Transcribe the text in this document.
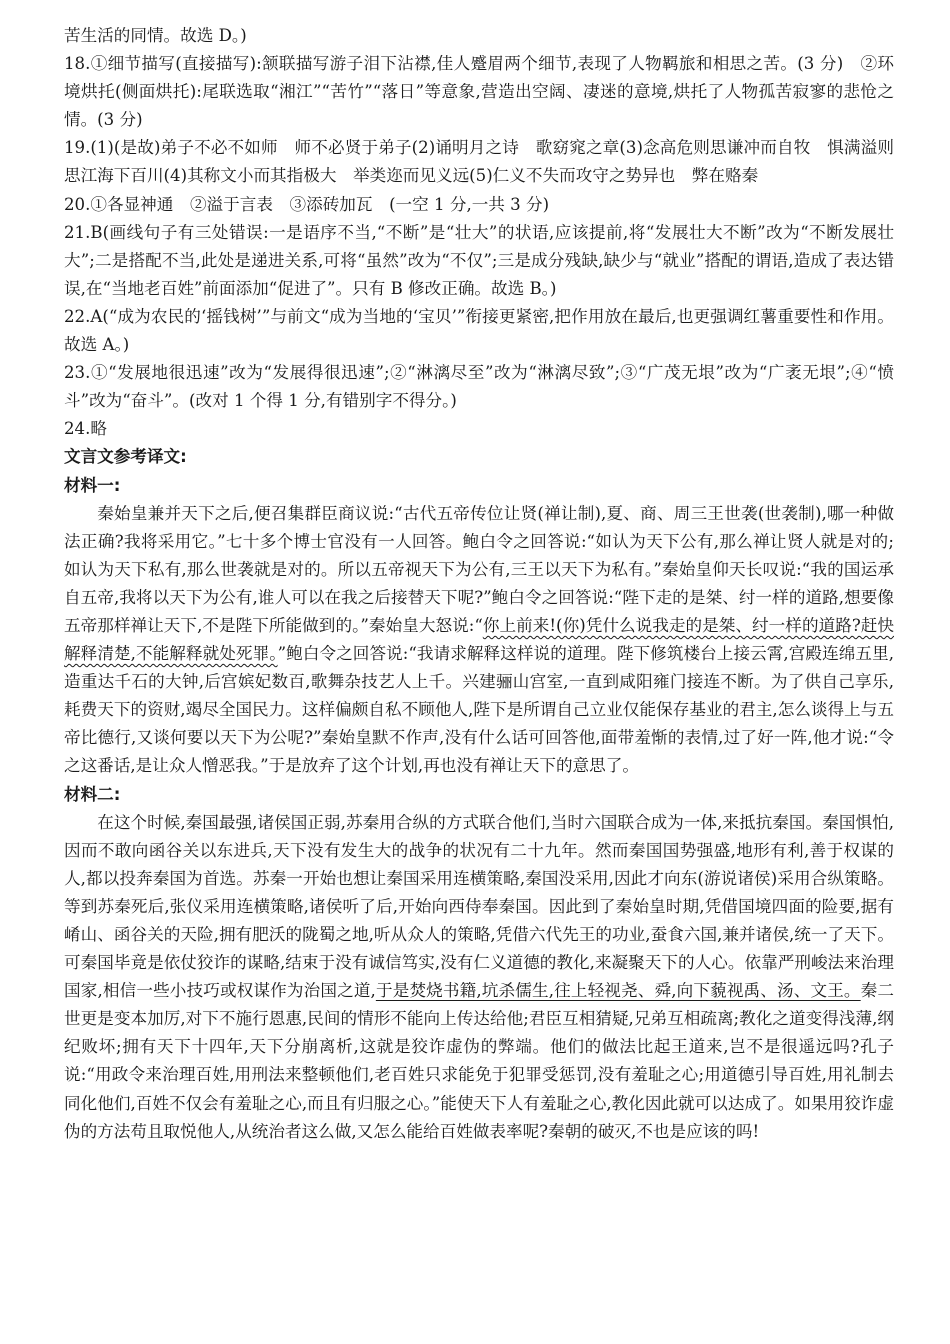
苦生活的同情。故选 D。)

18.①细节描写(直接描写):颔联描写游子泪下沾襟,佳人蹙眉两个细节,表现了人物羁旅和相思之苦。(3 分)　②环境烘托(侧面烘托):尾联选取“湘江”“苦竹”“落日”等意象,营造出空阔、凄迷的意境,烘托了人物孤苦寂寥的悲怆之情。(3 分)

19.(1)(是故)弟子不必不如师　师不必贤于弟子(2)诵明月之诗　歌窈窕之章(3)念高危则思谦冲而自牧　惧满溢则思江海下百川(4)其称文小而其指极大　举类迩而见义远(5)仁义不失而攻守之势异也　弊在赂秦

20.①各显神通　②溢于言表　③添砖加瓦　(一空 1 分,一共 3 分)

21.B(画线句子有三处错误:一是语序不当,“不断”是“壮大”的状语,应该提前,将“发展壮大不断”改为“不断发展壮大”;二是搭配不当,此处是递进关系,可将“虽然”改为“不仅”;三是成分残缺,缺少与“就业”搭配的谓语,造成了表达错误,在“当地老百姓”前面添加“促进了”。只有 B 修改正确。故选 B。)

22.A(“成为农民的‘摇钱树’”与前文“成为当地的‘宝贝’”衔接更紧密,把作用放在最后,也更强调红薯重要性和作用。故选 A。)

23.①“发展地很迅速”改为“发展得很迅速”;②“淋漓尽至”改为“淋漓尽致”;③“广茂无垠”改为“广袤无垠”;④“愤斗”改为“奋斗”。(改对 1 个得 1 分,有错别字不得分。)

24.略

文言文参考译文:

材料一:

秦始皇兼并天下之后,便召集群臣商议说:“古代五帝传位让贤(禅让制),夏、商、周三王世袭(世袭制),哪一种做法正确?我将采用它。”七十多个博士官没有一人回答。鲍白令之回答说:“如认为天下公有,那么禅让贤人就是对的;如认为天下私有,那么世袭就是对的。所以五帝视天下为公有,三王以天下为私有。”秦始皇仰天长叹说:“我的国运承自五帝,我将以天下为公有,谁人可以在我之后接替天下呢?”鲍白令之回答说:“陛下走的是桀、纣一样的道路,想要像五帝那样禅让天下,不是陛下所能做到的。”秦始皇大怒说:“你上前来!(你)凭什么说我走的是桀、纣一样的道路?赶快解释清楚,不能解释就处死罪。”鲍白令之回答说:“我请求解释这样说的道理。陛下修筑楼台上接云霄,宫殿连绵五里,造重达千石的大钟,后宫嫔妃数百,歌舞杂技艺人上千。兴建骊山宫室,一直到咸阳雍门接连不断。为了供自己享乐,耗费天下的资财,竭尽全国民力。这样偏颇自私不顾他人,陛下是所谓自己立业仅能保存基业的君主,怎么谈得上与五帝比德行,又谈何要以天下为公呢?”秦始皇默不作声,没有什么话可回答他,面带羞惭的表情,过了好一阵,他才说:“令之这番话,是让众人憎恶我。”于是放弃了这个计划,再也没有禅让天下的意思了。

材料二:

在这个时候,秦国最强,诸侯国正弱,苏秦用合纵的方式联合他们,当时六国联合成为一体,来抵抗秦国。秦国惧怕,因而不敢向函谷关以东进兵,天下没有发生大的战争的状况有二十九年。然而秦国国势强盛,地形有利,善于权谋的人,都以投奔秦国为首选。苏秦一开始也想让秦国采用连横策略,秦国没采用,因此才向东(游说诸侯)采用合纵策略。等到苏秦死后,张仪采用连横策略,诸侯听了后,开始向西侍奉秦国。因此到了秦始皇时期,凭借国境四面的险要,据有崤山、函谷关的天险,拥有肥沃的陇蜀之地,听从众人的策略,凭借六代先王的功业,蚕食六国,兼并诸侯,统一了天下。可秦国毕竟是依仗狡诈的谋略,结束于没有诚信笃实,没有仁义道德的教化,来凝聚天下的人心。依靠严刑峻法来治理国家,相信一些小技巧或权谋作为治国之道,于是焚烧书籍,坑杀儒生,往上轻视尧、舜,向下藐视禹、汤、文王。秦二世更是变本加厉,对下不施行恩惠,民间的情形不能向上传达给他;君臣互相猜疑,兄弟互相疏离;教化之道变得浅薄,纲纪败坏;拥有天下十四年,天下分崩离析,这就是狡诈虚伪的弊端。他们的做法比起王道来,岂不是很遥远吗?孔子说:“用政令来治理百姓,用刑法来整顿他们,老百姓只求能免于犯罪受惩罚,没有羞耻之心;用道德引导百姓,用礼制去同化他们,百姓不仅会有羞耻之心,而且有归服之心。”能使天下人有羞耻之心,教化因此就可以达成了。如果用狡诈虚伪的方法苟且取悦他人,从统治者这么做,又怎么能给百姓做表率呢?秦朝的破灭,不也是应该的吗!
